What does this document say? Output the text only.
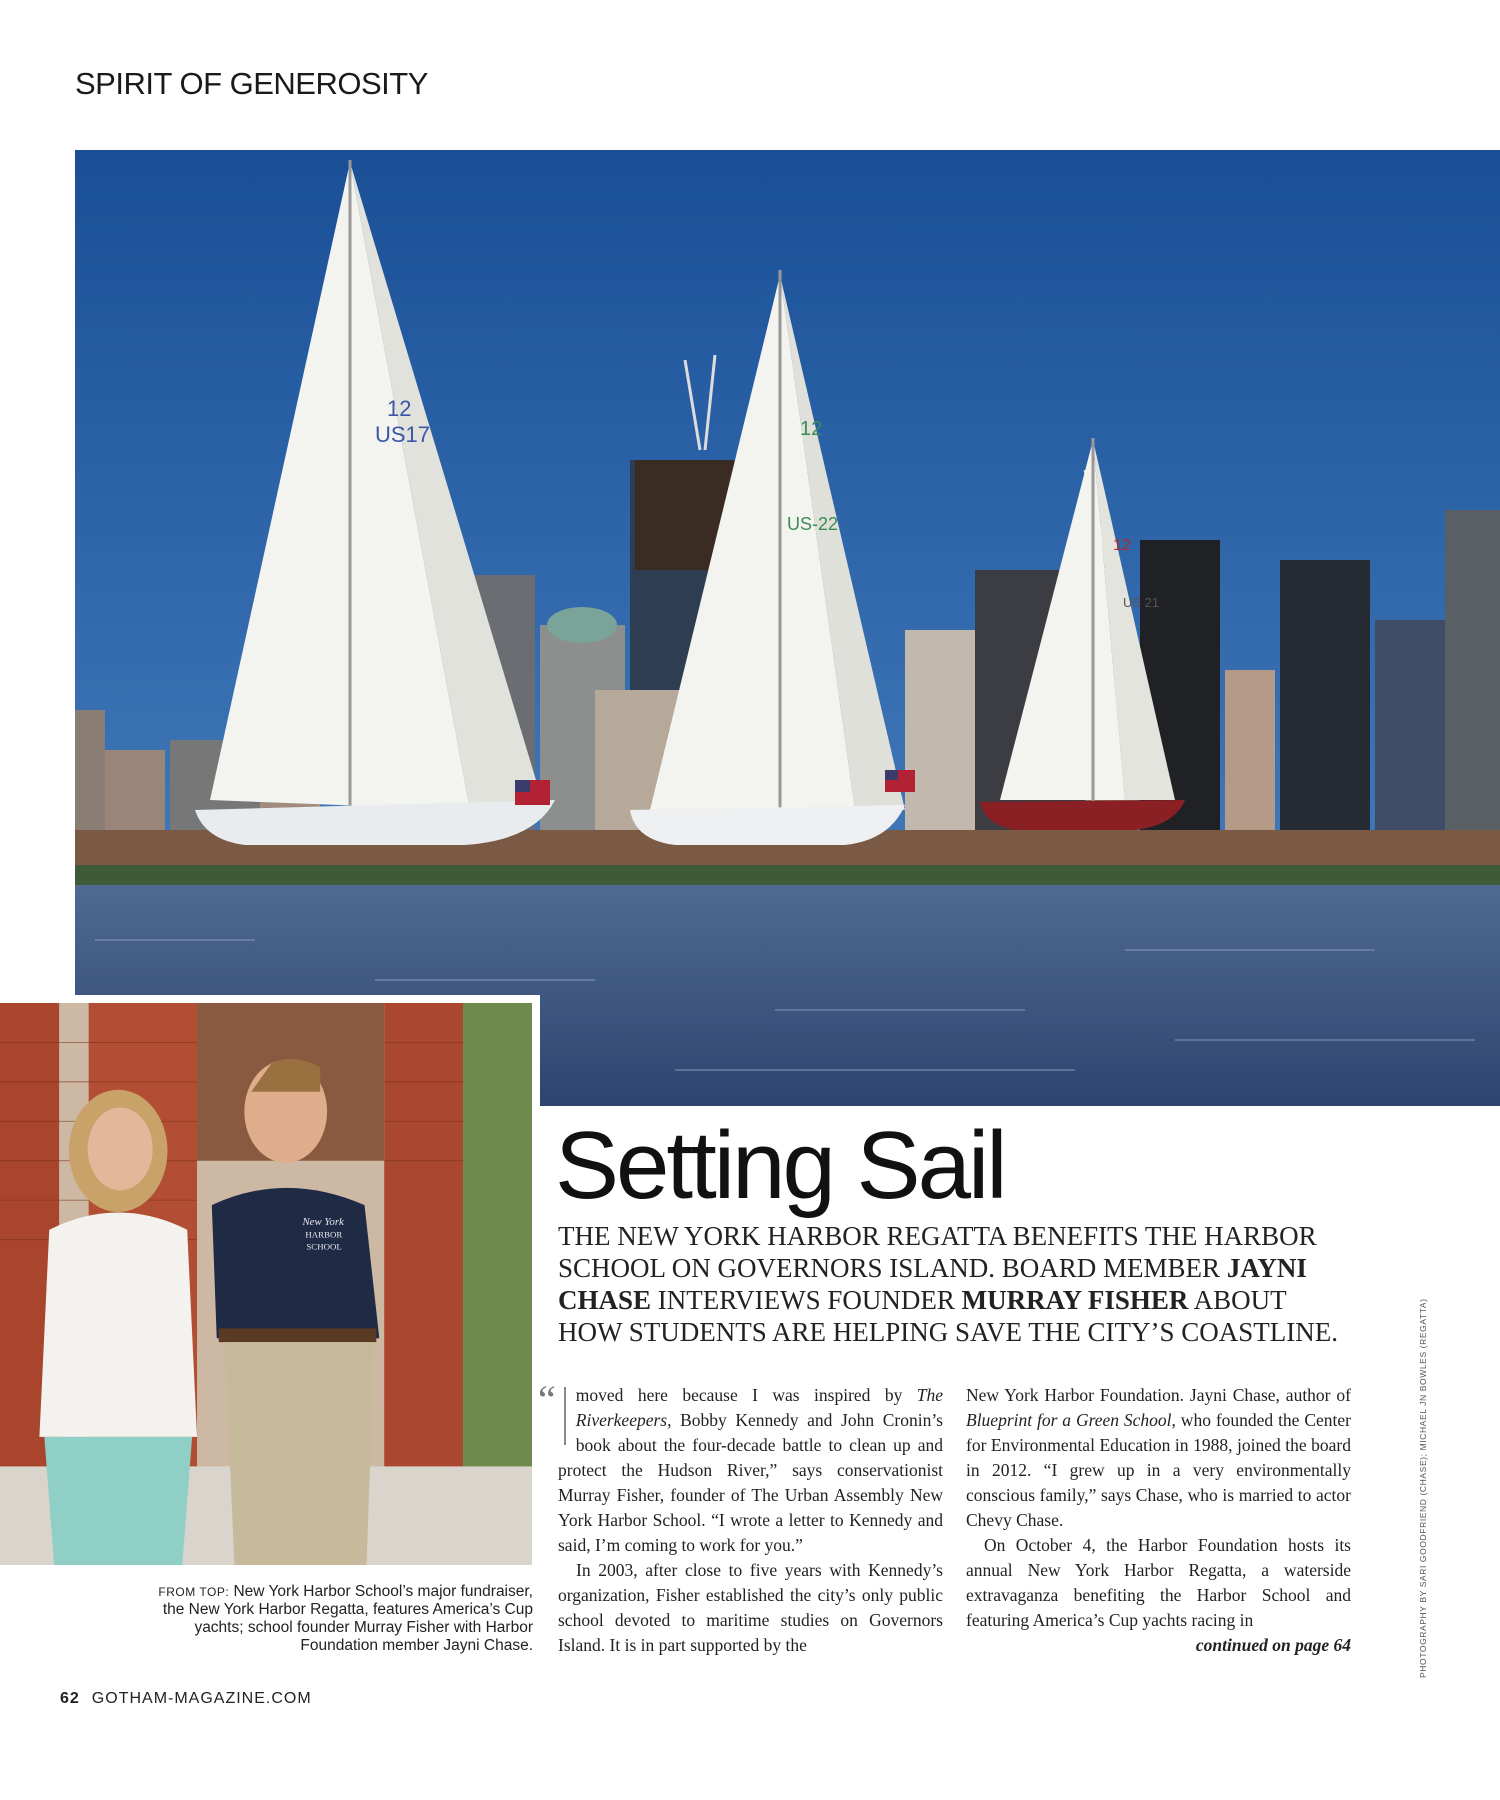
SPIRIT OF GENEROSITY
12
US17	12
US-22
12
US 21
New York
HARBOR
SCHOOL
Setting Sail
THE NEW YORK HARBOR REGATTA BENEFITS THE HARBOR SCHOOL ON GOVERNORS ISLAND. BOARD MEMBER JAYNI CHASE INTERVIEWS FOUNDER MURRAY FISHER ABOUT HOW STUDENTS ARE HELPING SAVE THE CITY’S COASTLINE.

“ moved here because I was inspired by The Riverkeepers, Bobby Kennedy and John Cronin’s book about the four-decade battle to clean up and protect the Hudson River,” says conservationist Murray Fisher, founder of The Urban Assembly New York Harbor School. “I wrote a letter to Kennedy and said, I’m coming to work for you.”

In 2003, after close to five years with Kennedy’s organization, Fisher established the city’s only public school devoted to maritime studies on Governors Island. It is in part supported by the

New York Harbor Foundation. Jayni Chase, author of Blueprint for a Green School, who founded the Center for Environmental Education in 1988, joined the board in 2012. “I grew up in a very environmentally conscious family,” says Chase, who is married to actor Chevy Chase.

On October 4, the Harbor Foundation hosts its annual New York Harbor Regatta, a waterside extravaganza benefiting the Harbor School and featuring America’s Cup yachts racing in

continued on page 64

FROM TOP: New York Harbor School’s major fundraiser, the New York Harbor Regatta, features America’s Cup yachts; school founder Murray Fisher with Harbor Foundation member Jayni Chase.	PHOTOGRAPHY BY SARI GOODFRIEND (CHASE); MICHAEL JN BOWLES (REGATTA)
62 GOTHAM-MAGAZINE.COM
